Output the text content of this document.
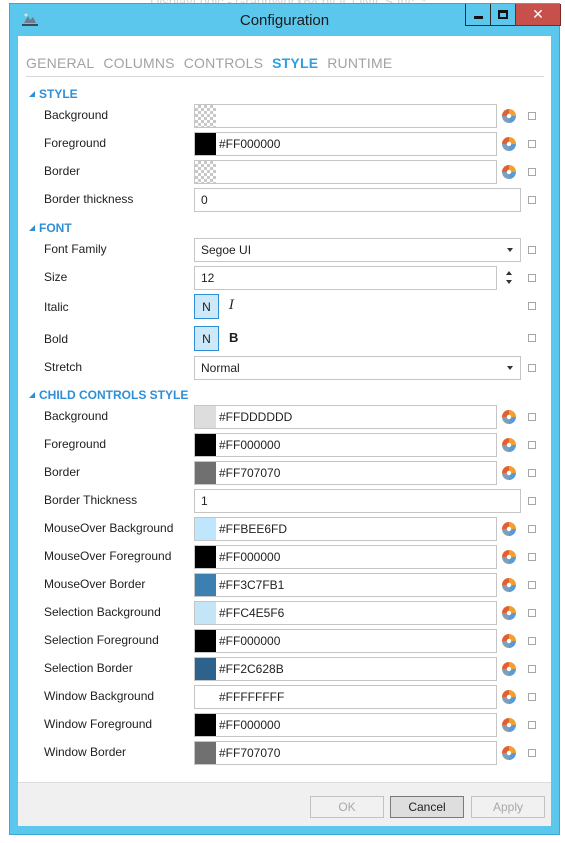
Configuration	✕
GENERAL COLUMNS CONTROLS STYLE RUNTIME
STYLE
Background
Foreground	#FF000000
Border
Border thickness	0
FONT
Font Family	Segoe UI
Size	12
Italic	N	I
Bold	N	B
Stretch	Normal
CHILD CONTROLS STYLE
Background	#FFDDDDDD
Foreground	#FF000000
Border	#FF707070
Border Thickness	1
MouseOver Background	#FFBEE6FD
MouseOver Foreground	#FF000000
MouseOver Border	#FF3C7FB1
Selection Background	#FFC4E5F6
Selection Foreground	#FF000000
Selection Border	#FF2C628B
Window Background	#FFFFFFFF
Window Foreground	#FF000000
Window Border	#FF707070
OK	Cancel	Apply
